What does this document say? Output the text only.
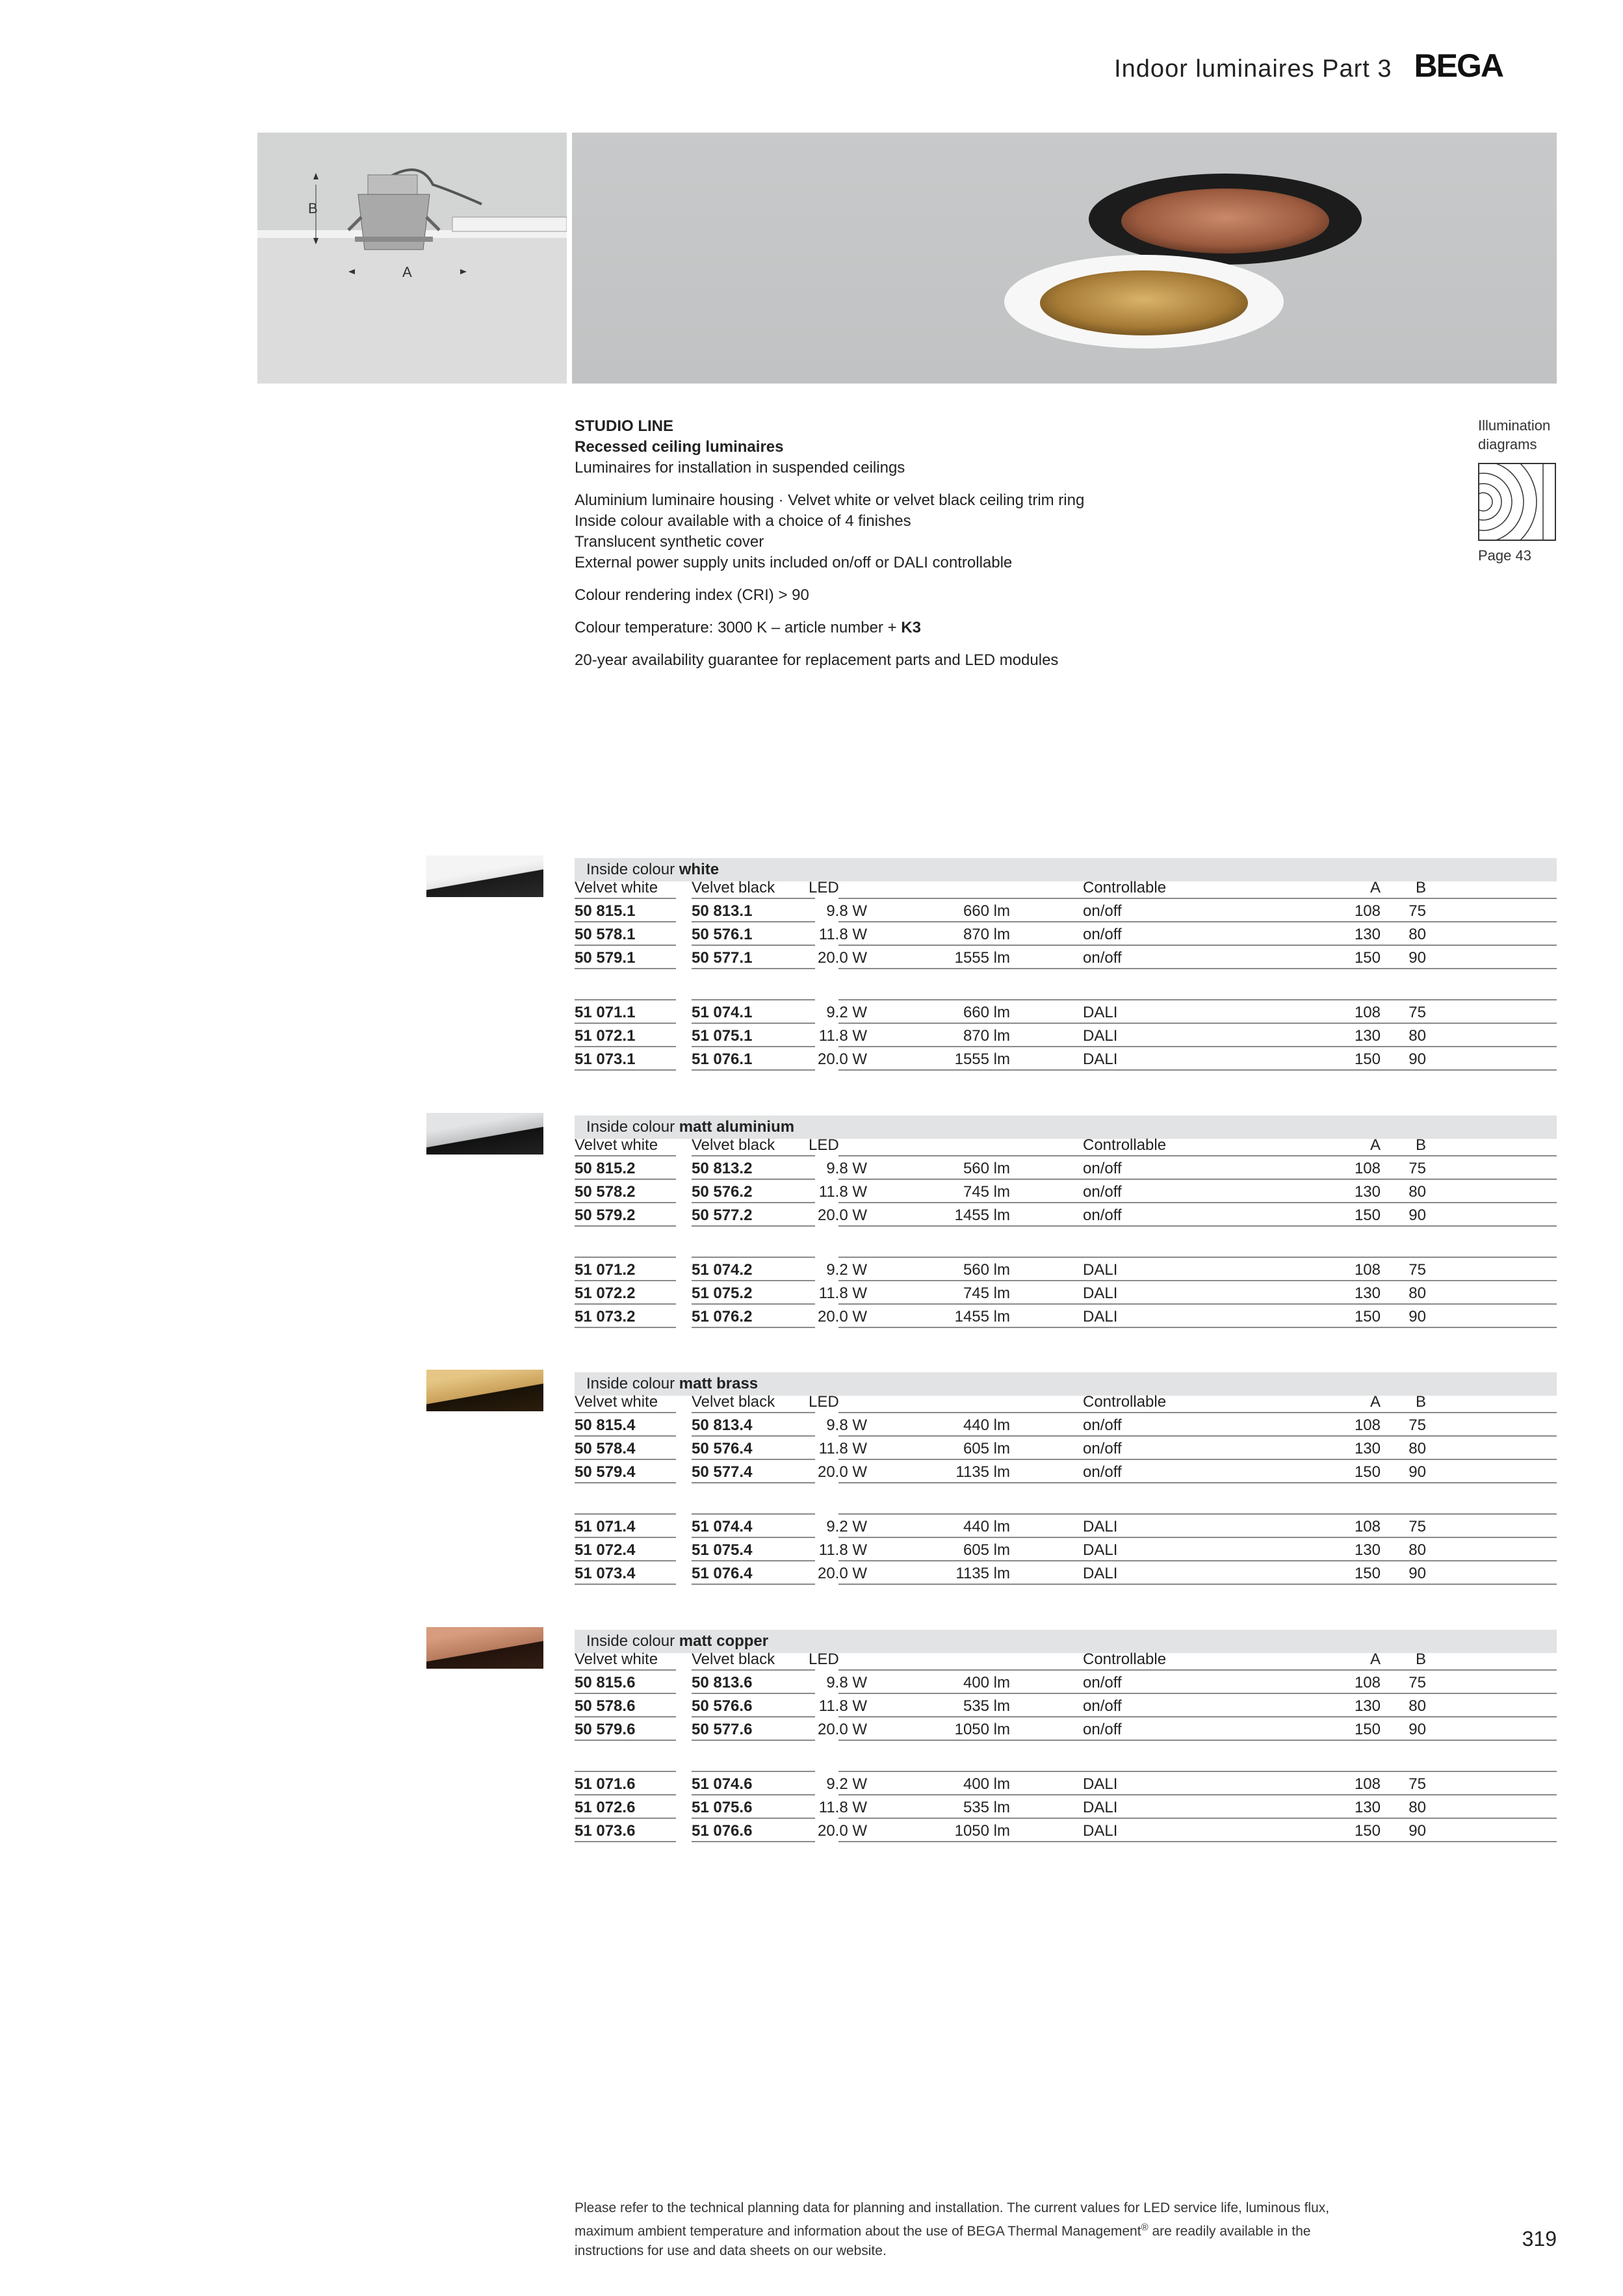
Indoor luminaires Part 3 BEGA
B
A
STUDIO LINE
Recessed ceiling luminaires

Luminaires for installation in suspended ceilings

Aluminium luminaire housing · Velvet white or velvet black ceiling trim ring
Inside colour available with a choice of 4 finishes
Translucent synthetic cover
External power supply units included on/off or DALI controllable

Colour rendering index (CRI) > 90

Colour temperature: 3000 K – article number + K3

20-year availability guarantee for replacement parts and LED modules

Illumination
diagrams
Page 43
Inside colour white
Velvet white Velvet black LED	Controllable	A	B
50 815.1	50 813.1	9.8 W	660 lm	on/off	108	75
50 578.1	50 576.1	11.8 W	870 lm	on/off	130	80
50 579.1	50 577.1	20.0 W	1555 lm	on/off	150	90
51 071.1	51 074.1	9.2 W	660 lm	DALI	108	75
51 072.1	51 075.1	11.8 W	870 lm	DALI	130	80
51 073.1	51 076.1	20.0 W	1555 lm	DALI	150	90
Inside colour matt aluminium
Velvet white Velvet black LED	Controllable	A	B
50 815.2	50 813.2	9.8 W	560 lm	on/off	108	75
50 578.2	50 576.2	11.8 W	745 lm	on/off	130	80
50 579.2	50 577.2	20.0 W	1455 lm	on/off	150	90
51 071.2	51 074.2	9.2 W	560 lm	DALI	108	75
51 072.2	51 075.2	11.8 W	745 lm	DALI	130	80
51 073.2	51 076.2	20.0 W	1455 lm	DALI	150	90
Inside colour matt brass
Velvet white Velvet black LED	Controllable	A	B
50 815.4	50 813.4	9.8 W	440 lm	on/off	108	75
50 578.4	50 576.4	11.8 W	605 lm	on/off	130	80
50 579.4	50 577.4	20.0 W	1135 lm	on/off	150	90
51 071.4	51 074.4	9.2 W	440 lm	DALI	108	75
51 072.4	51 075.4	11.8 W	605 lm	DALI	130	80
51 073.4	51 076.4	20.0 W	1135 lm	DALI	150	90
Inside colour matt copper
Velvet white Velvet black LED	Controllable	A	B
50 815.6	50 813.6	9.8 W	400 lm	on/off	108	75
50 578.6	50 576.6	11.8 W	535 lm	on/off	130	80
50 579.6	50 577.6	20.0 W	1050 lm	on/off	150	90
51 071.6	51 074.6	9.2 W	400 lm	DALI	108	75
51 072.6	51 075.6	11.8 W	535 lm	DALI	130	80
51 073.6	51 076.6	20.0 W	1050 lm	DALI	150	90
Please refer to the technical planning data for planning and installation. The current values for LED service life, luminous flux,
maximum ambient temperature and information about the use of BEGA Thermal Management® are readily available in the
instructions for use and data sheets on our website.
319
